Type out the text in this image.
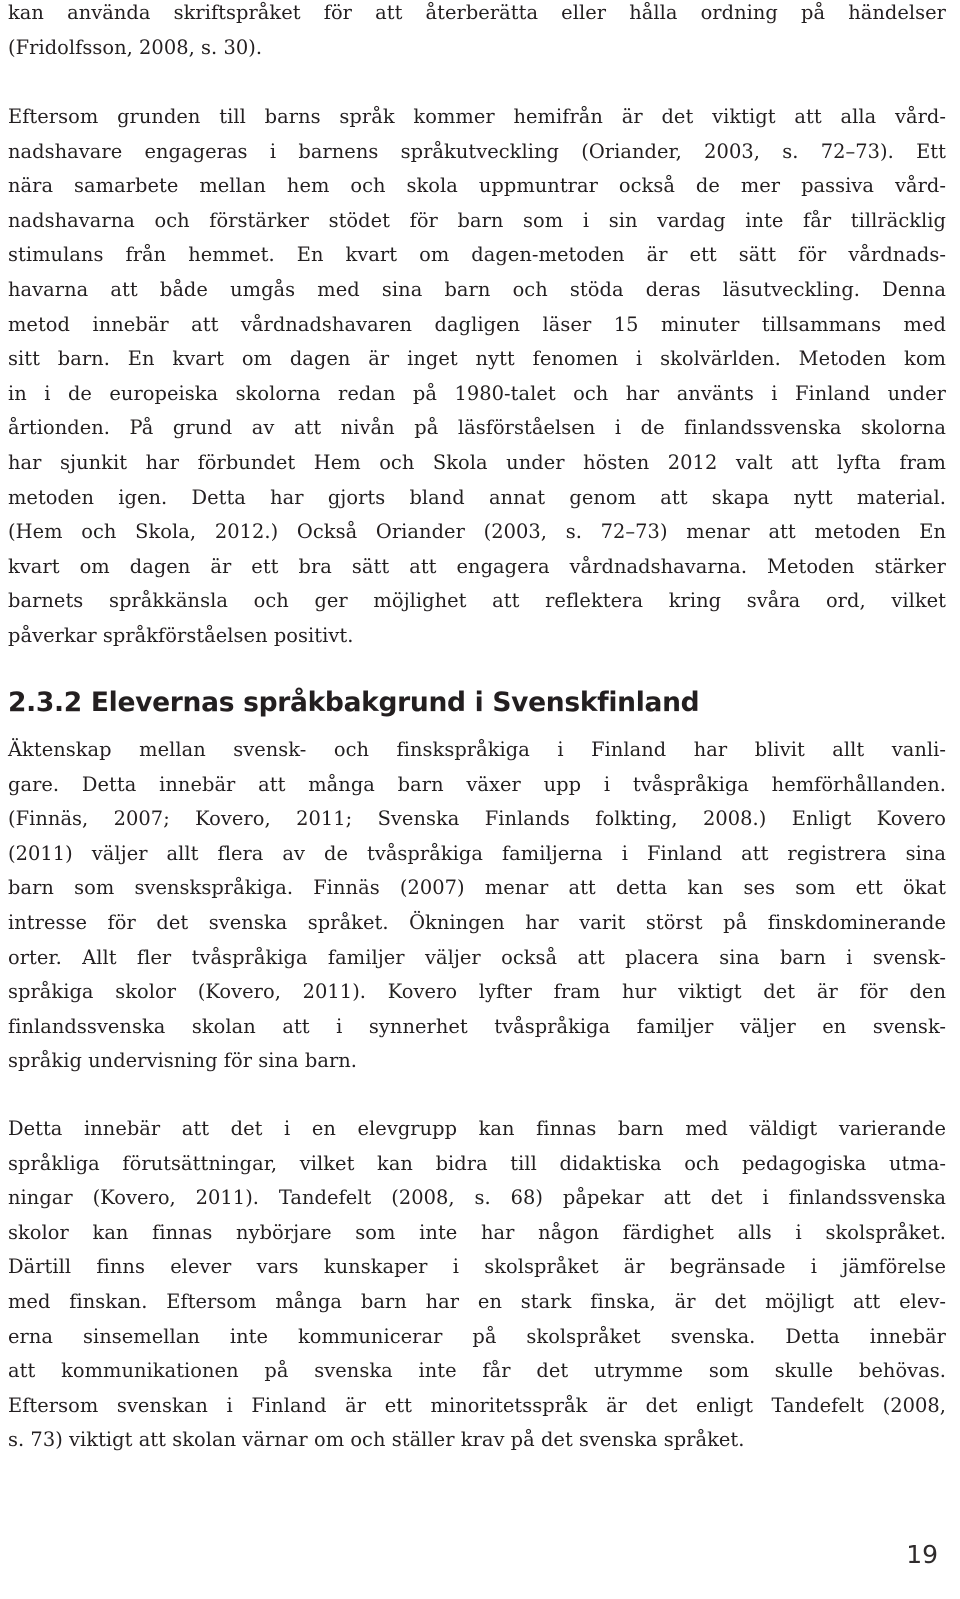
kan använda skriftspråket för att återberätta eller hålla ordning på händelser
(Fridolfsson, 2008, s. 30).

Eftersom grunden till barns språk kommer hemifrån är det viktigt att alla vård-
nadshavare engageras i barnens språkutveckling (Oriander, 2003, s. 72–73). Ett
nära samarbete mellan hem och skola uppmuntrar också de mer passiva vård-
nadshavarna och förstärker stödet för barn som i sin vardag inte får tillräcklig
stimulans från hemmet. En kvart om dagen-metoden är ett sätt för vårdnads-
havarna att både umgås med sina barn och stöda deras läsutveckling. Denna
metod innebär att vårdnadshavaren dagligen läser 15 minuter tillsammans med
sitt barn. En kvart om dagen är inget nytt fenomen i skolvärlden. Metoden kom
in i de europeiska skolorna redan på 1980-talet och har använts i Finland under
årtionden. På grund av att nivån på läsförståelsen i de finlandssvenska skolorna
har sjunkit har förbundet Hem och Skola under hösten 2012 valt att lyfta fram
metoden igen. Detta har gjorts bland annat genom att skapa nytt material.
(Hem och Skola, 2012.) Också Oriander (2003, s. 72–73) menar att metoden En
kvart om dagen är ett bra sätt att engagera vårdnadshavarna. Metoden stärker
barnets språkkänsla och ger möjlighet att reflektera kring svåra ord, vilket
påverkar språkförståelsen positivt.

2.3.2 Elevernas språkbakgrund i Svenskfinland

Äktenskap mellan svensk- och finskspråkiga i Finland har blivit allt vanli-
gare. Detta innebär att många barn växer upp i tvåspråkiga hemförhållanden.
(Finnäs, 2007; Kovero, 2011; Svenska Finlands folkting, 2008.) Enligt Kovero
(2011) väljer allt flera av de tvåspråkiga familjerna i Finland att registrera sina
barn som svenskspråkiga. Finnäs (2007) menar att detta kan ses som ett ökat
intresse för det svenska språket. Ökningen har varit störst på finskdominerande
orter. Allt fler tvåspråkiga familjer väljer också att placera sina barn i svensk-
språkiga skolor (Kovero, 2011). Kovero lyfter fram hur viktigt det är för den
finlandssvenska skolan att i synnerhet tvåspråkiga familjer väljer en svensk-
språkig undervisning för sina barn.

Detta innebär att det i en elevgrupp kan finnas barn med väldigt varierande
språkliga förutsättningar, vilket kan bidra till didaktiska och pedagogiska utma-
ningar (Kovero, 2011). Tandefelt (2008, s. 68) påpekar att det i finlandssvenska
skolor kan finnas nybörjare som inte har någon färdighet alls i skolspråket.
Därtill finns elever vars kunskaper i skolspråket är begränsade i jämförelse
med finskan. Eftersom många barn har en stark finska, är det möjligt att elev-
erna sinsemellan inte kommunicerar på skolspråket svenska. Detta innebär
att kommunikationen på svenska inte får det utrymme som skulle behövas.
Eftersom svenskan i Finland är ett minoritetsspråk är det enligt Tandefelt (2008,
s. 73) viktigt att skolan värnar om och ställer krav på det svenska språket.

19
